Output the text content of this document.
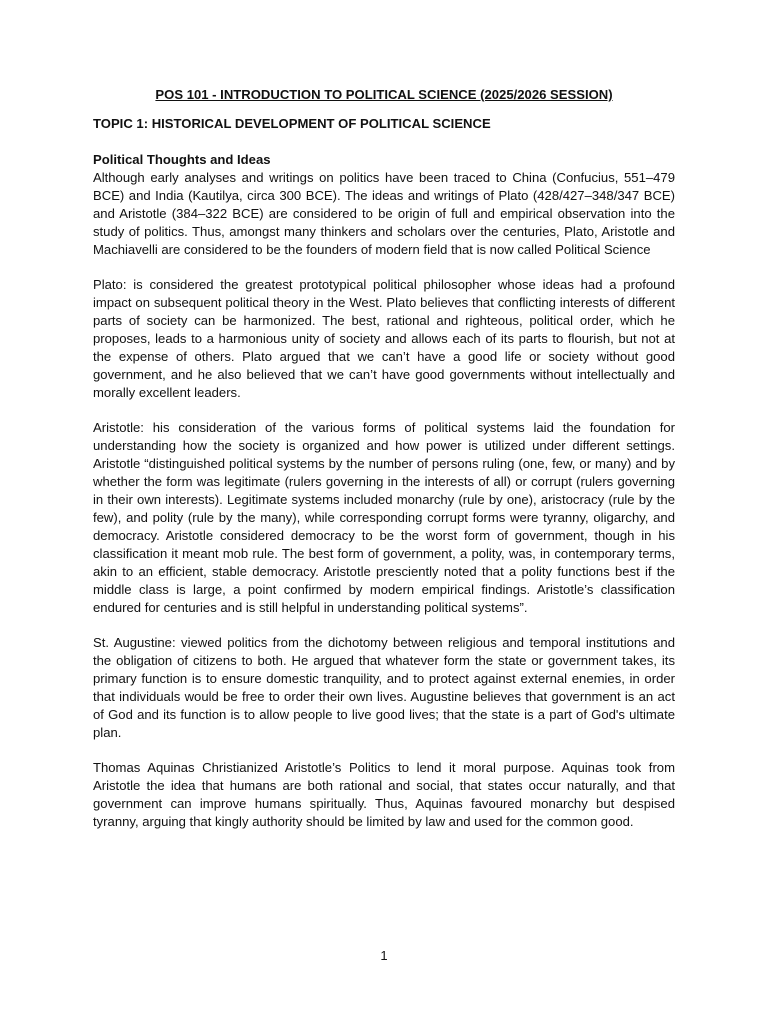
POS 101 - INTRODUCTION TO POLITICAL SCIENCE (2025/2026 SESSION)

TOPIC 1: HISTORICAL DEVELOPMENT OF POLITICAL SCIENCE

Political Thoughts and Ideas

Although early analyses and writings on politics have been traced to China (Confucius, 551–479 BCE) and India (Kautilya, circa 300 BCE). The ideas and writings of Plato (428/427–348/347 BCE) and Aristotle (384–322 BCE) are considered to be origin of full and empirical observation into the study of politics. Thus, amongst many thinkers and scholars over the centuries, Plato, Aristotle and Machiavelli are considered to be the founders of modern field that is now called Political Science

Plato: is considered the greatest prototypical political philosopher whose ideas had a profound impact on subsequent political theory in the West. Plato believes that conflicting interests of different parts of society can be harmonized. The best, rational and righteous, political order, which he proposes, leads to a harmonious unity of society and allows each of its parts to flourish, but not at the expense of others. Plato argued that we can’t have a good life or society without good government, and he also believed that we can’t have good governments without intellectually and morally excellent leaders.

Aristotle: his consideration of the various forms of political systems laid the foundation for understanding how the society is organized and how power is utilized under different settings. Aristotle “distinguished political systems by the number of persons ruling (one, few, or many) and by whether the form was legitimate (rulers governing in the interests of all) or corrupt (rulers governing in their own interests). Legitimate systems included monarchy (rule by one), aristocracy (rule by the few), and polity (rule by the many), while corresponding corrupt forms were tyranny, oligarchy, and democracy. Aristotle considered democracy to be the worst form of government, though in his classification it meant mob rule. The best form of government, a polity, was, in contemporary terms, akin to an efficient, stable democracy. Aristotle presciently noted that a polity functions best if the middle class is large, a point confirmed by modern empirical findings. Aristotle’s classification endured for centuries and is still helpful in understanding political systems”.

St. Augustine: viewed politics from the dichotomy between religious and temporal institutions and the obligation of citizens to both. He argued that whatever form the state or government takes, its primary function is to ensure domestic tranquility, and to protect against external enemies, in order that individuals would be free to order their own lives. Augustine believes that government is an act of God and its function is to allow people to live good lives; that the state is a part of God's ultimate plan.

Thomas Aquinas Christianized Aristotle’s Politics to lend it moral purpose. Aquinas took from Aristotle the idea that humans are both rational and social, that states occur naturally, and that government can improve humans spiritually. Thus, Aquinas favoured monarchy but despised tyranny, arguing that kingly authority should be limited by law and used for the common good.

1
